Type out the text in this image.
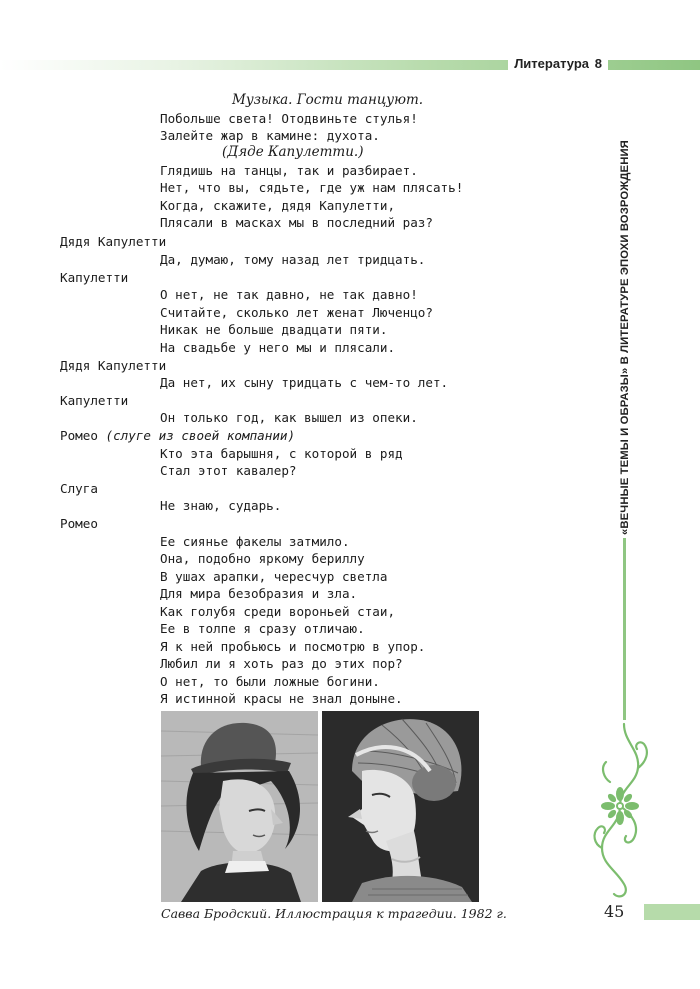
Литература 8
Музыка. Гости танцуют.
Побольше света! Отодвиньте стулья!
Залейте жар в камине: духота.
(Дяде Капулетти.)
Глядишь на танцы, так и разбирает.
Нет, что вы, сядьте, где уж нам плясать!
Когда, скажите, дядя Капулетти,
Плясали в масках мы в последний раз?
Дядя Капулетти
Да, думаю, тому назад лет тридцать.
Капулетти
О нет, не так давно, не так давно!
Считайте, сколько лет женат Люченцо?
Никак не больше двадцати пяти.
На свадьбе у него мы и плясали.
Дядя Капулетти
Да нет, их сыну тридцать с чем-то лет.
Капулетти
Он только год, как вышел из опеки.
Ромео (слуге из своей компании)
Кто эта барышня, с которой в ряд
Стал этот кавалер?
Слуга
Не знаю, сударь.
Ромео
Ее сиянье факелы затмило.
Она, подобно яркому бериллу
В ушах арапки, чересчур светла
Для мира безобразия и зла.
Как голубя среди вороньей стаи,
Ее в толпе я сразу отличаю.
Я к ней пробьюсь и посмотрю в упор.
Любил ли я хоть раз до этих пор?
О нет, то были ложные богини.
Я истинной красы не знал доныне.
«ВЕЧНЫЕ ТЕМЫ И ОБРАЗЫ» В ЛИТЕРАТУРЕ ЭПОХИ ВОЗРОЖДЕНИЯ
45
Савва Бродский. Иллюстрация к трагедии. 1982 г.
